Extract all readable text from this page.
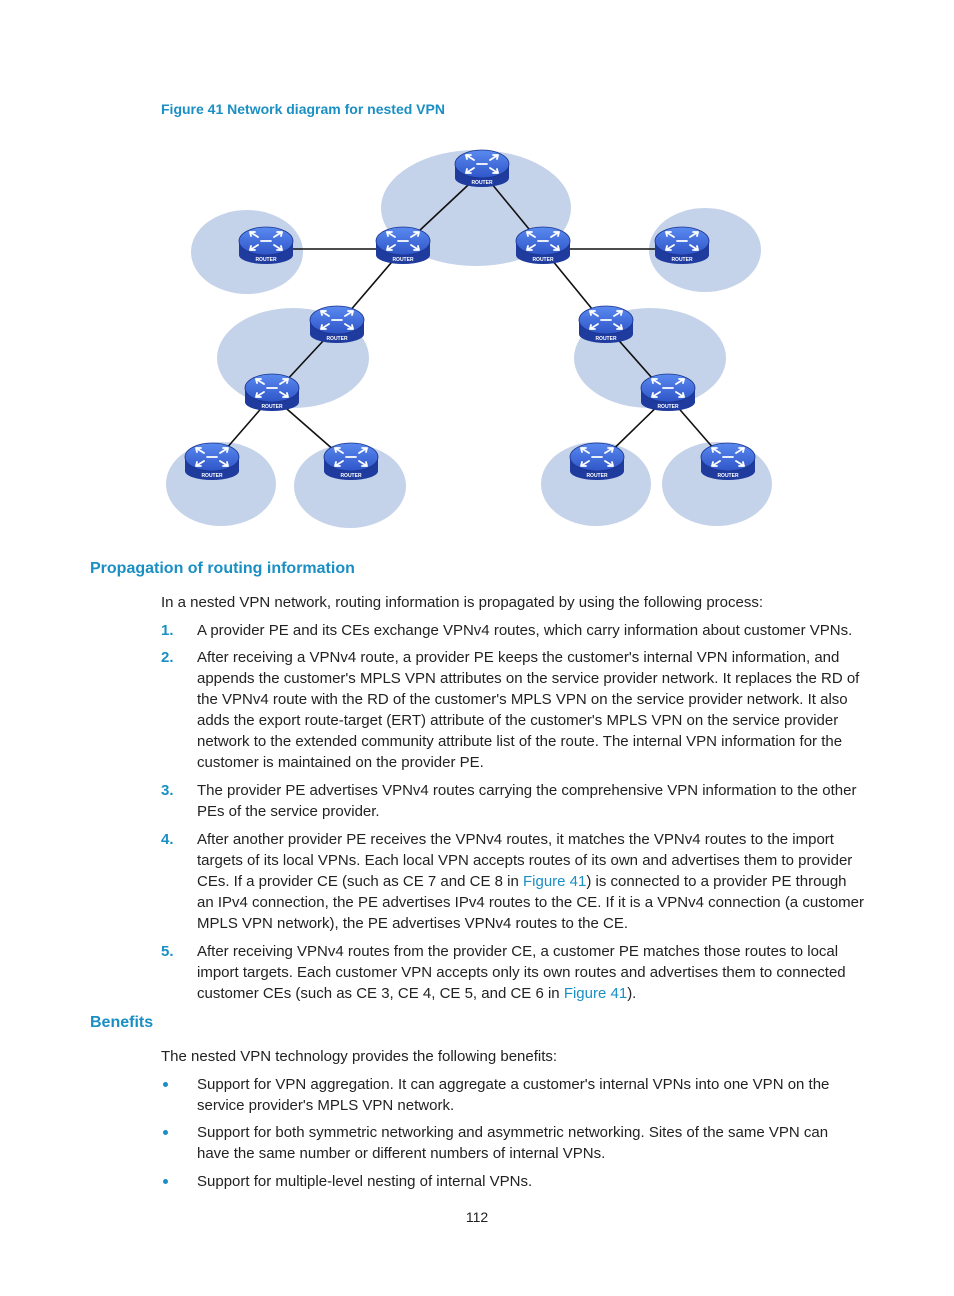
Figure 41 Network diagram for nested VPN
ROUTER
ROUTER	ROUTER	ROUTER	ROUTER
ROUTER	ROUTER
ROUTER	ROUTER
ROUTER	ROUTER	ROUTER	ROUTER
Propagation of routing information
In a nested VPN network, routing information is propagated by using the following process:
1.	A provider PE and its CEs exchange VPNv4 routes, which carry information about customer VPNs.
2.	After receiving a VPNv4 route, a provider PE keeps the customer's internal VPN information, and appends the customer's MPLS VPN attributes on the service provider network. It replaces the RD of the VPNv4 route with the RD of the customer's MPLS VPN on the service provider network. It also adds the export route-target (ERT) attribute of the customer's MPLS VPN on the service provider network to the extended community attribute list of the route. The internal VPN information for the customer is maintained on the provider PE.
3.	The provider PE advertises VPNv4 routes carrying the comprehensive VPN information to the other PEs of the service provider.
4.	After another provider PE receives the VPNv4 routes, it matches the VPNv4 routes to the import targets of its local VPNs. Each local VPN accepts routes of its own and advertises them to provider CEs. If a provider CE (such as CE 7 and CE 8 in Figure 41) is connected to a provider PE through an IPv4 connection, the PE advertises IPv4 routes to the CE. If it is a VPNv4 connection (a customer MPLS VPN network), the PE advertises VPNv4 routes to the CE.
5.	After receiving VPNv4 routes from the provider CE, a customer PE matches those routes to local import targets. Each customer VPN accepts only its own routes and advertises them to connected customer CEs (such as CE 3, CE 4, CE 5, and CE 6 in Figure 41).
Benefits
The nested VPN technology provides the following benefits:
Support for VPN aggregation. It can aggregate a customer's internal VPNs into one VPN on the service provider's MPLS VPN network.
Support for both symmetric networking and asymmetric networking. Sites of the same VPN can have the same number or different numbers of internal VPNs.
Support for multiple-level nesting of internal VPNs.
112
